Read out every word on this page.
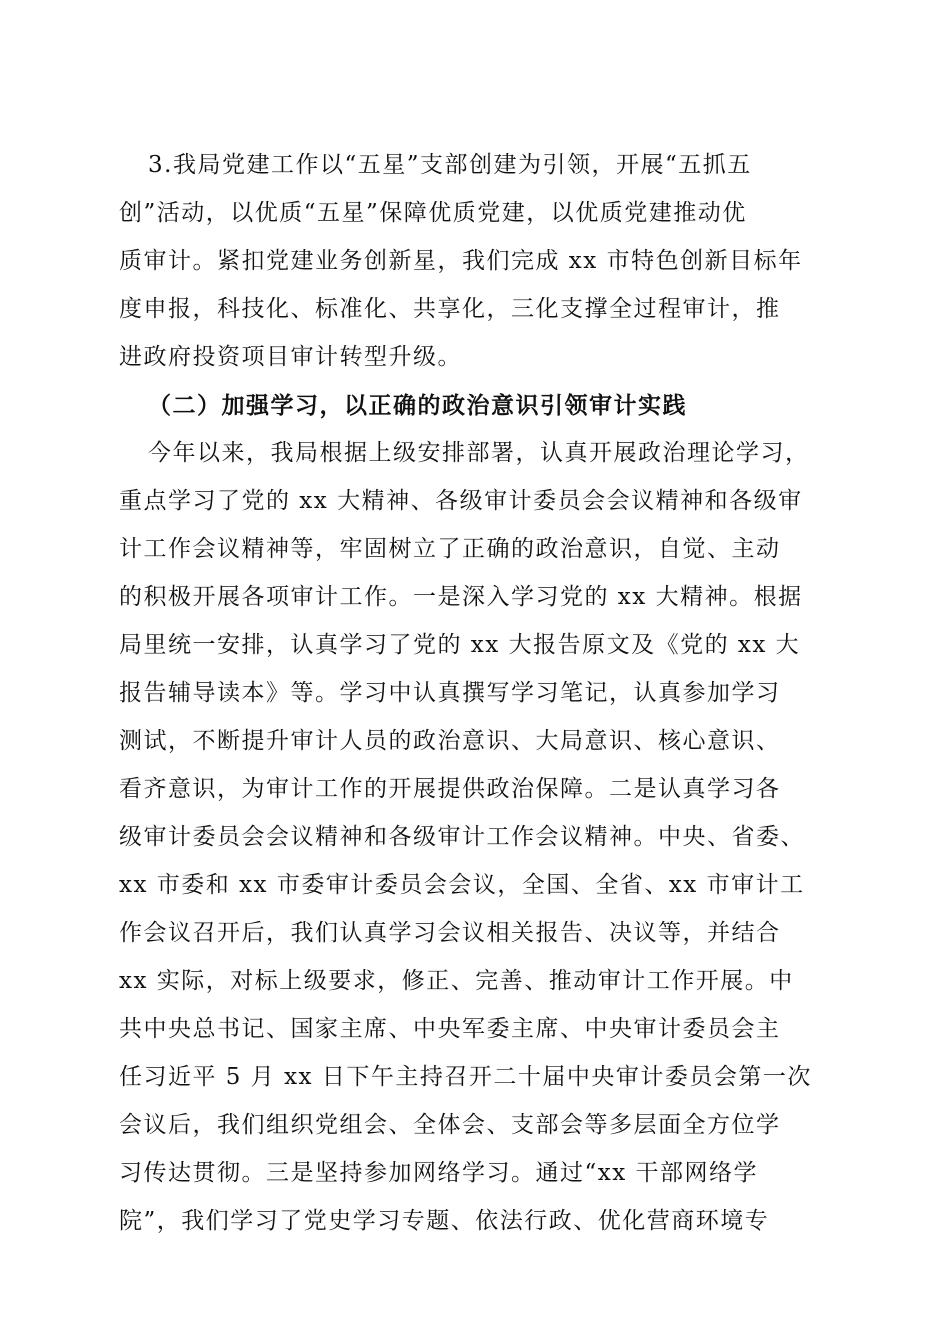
3.我局党建工作以“五星”支部创建为引领，开展“五抓五
创”活动，以优质“五星”保障优质党建，以优质党建推动优
质审计。紧扣党建业务创新星，我们完成 xx 市特色创新目标年
度申报，科技化、标准化、共享化，三化支撑全过程审计，推
进政府投资项目审计转型升级。
（二）加强学习，以正确的政治意识引领审计实践
今年以来，我局根据上级安排部署，认真开展政治理论学习，
重点学习了党的 xx 大精神、各级审计委员会会议精神和各级审
计工作会议精神等，牢固树立了正确的政治意识，自觉、主动
的积极开展各项审计工作。一是深入学习党的 xx 大精神。根据
局里统一安排，认真学习了党的 xx 大报告原文及《党的 xx 大
报告辅导读本》等。学习中认真撰写学习笔记，认真参加学习
测试，不断提升审计人员的政治意识、大局意识、核心意识、
看齐意识，为审计工作的开展提供政治保障。二是认真学习各
级审计委员会会议精神和各级审计工作会议精神。中央、省委、
xx 市委和 xx 市委审计委员会会议，全国、全省、xx 市审计工
作会议召开后，我们认真学习会议相关报告、决议等，并结合
xx 实际，对标上级要求，修正、完善、推动审计工作开展。中
共中央总书记、国家主席、中央军委主席、中央审计委员会主
任习近平 5 月 xx 日下午主持召开二十届中央审计委员会第一次
会议后，我们组织党组会、全体会、支部会等多层面全方位学
习传达贯彻。三是坚持参加网络学习。通过“xx 干部网络学
院”，我们学习了党史学习专题、依法行政、优化营商环境专
